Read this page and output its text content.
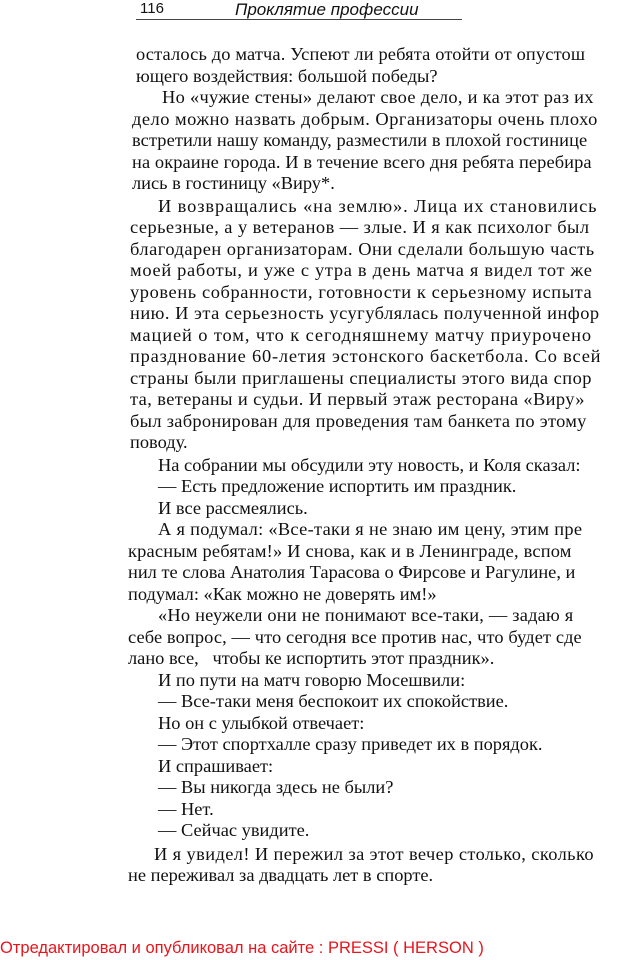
116	Проклятие профессии
осталось до матча. Успеют ли ребята отойти от опустош
ющего воздействия: большой победы?
Но «чужие стены» делают свое дело, и ка этот раз их
дело можно назвать добрым. Организаторы очень плохо
встретили нашу команду, разместили в плохой гостинице
на окраине города. И в течение всего дня ребята перебира
лись в гостиницу «Виру*.
И возвращались «на землю». Лица их становились
серьезные, а у ветеранов — злые. И я как психолог был
благодарен организаторам. Они сделали большую часть
моей работы, и уже с утра в день матча я видел тот же
уровень собранности, готовности к серьезному испыта
нию. И эта серьезность усугублялась полученной инфор
мацией о том, что к сегодняшнему матчу приурочено
празднование 60-летия эстонского баскетбола. Со всей
страны были приглашены специалисты этого вида спор
та, ветераны и судьи. И первый этаж ресторана «Виру»
был забронирован для проведения там банкета по этому
поводу.
На собрании мы обсудили эту новость, и Коля сказал:
— Есть предложение испортить им праздник.
И все рассмеялись.
А я подумал: «Все-таки я не знаю им цену, этим пре
красным ребятам!» И снова, как и в Ленинграде, вспом
нил те слова Анатолия Тарасова о Фирсове и Рагулине, и
подумал: «Как можно не доверять им!»
«Но неужели они не понимают все-таки, — задаю я
себе вопрос, — что сегодня все против нас, что будет сде
лано все,   чтобы ке испортить этот праздник».
И по пути на матч говорю Мосешвили:
— Все-таки меня беспокоит их спокойствие.
Но он с улыбкой отвечает:
— Этот спортхалле сразу приведет их в порядок.
И спрашивает:
— Вы никогда здесь не были?
— Нет.
— Сейчас увидите.
И я увидел! И пережил за этот вечер столько, сколько
не переживал за двадцать лет в спорте.
Отредактировал и опубликовал на сайте : PRESSI ( HERSON )
